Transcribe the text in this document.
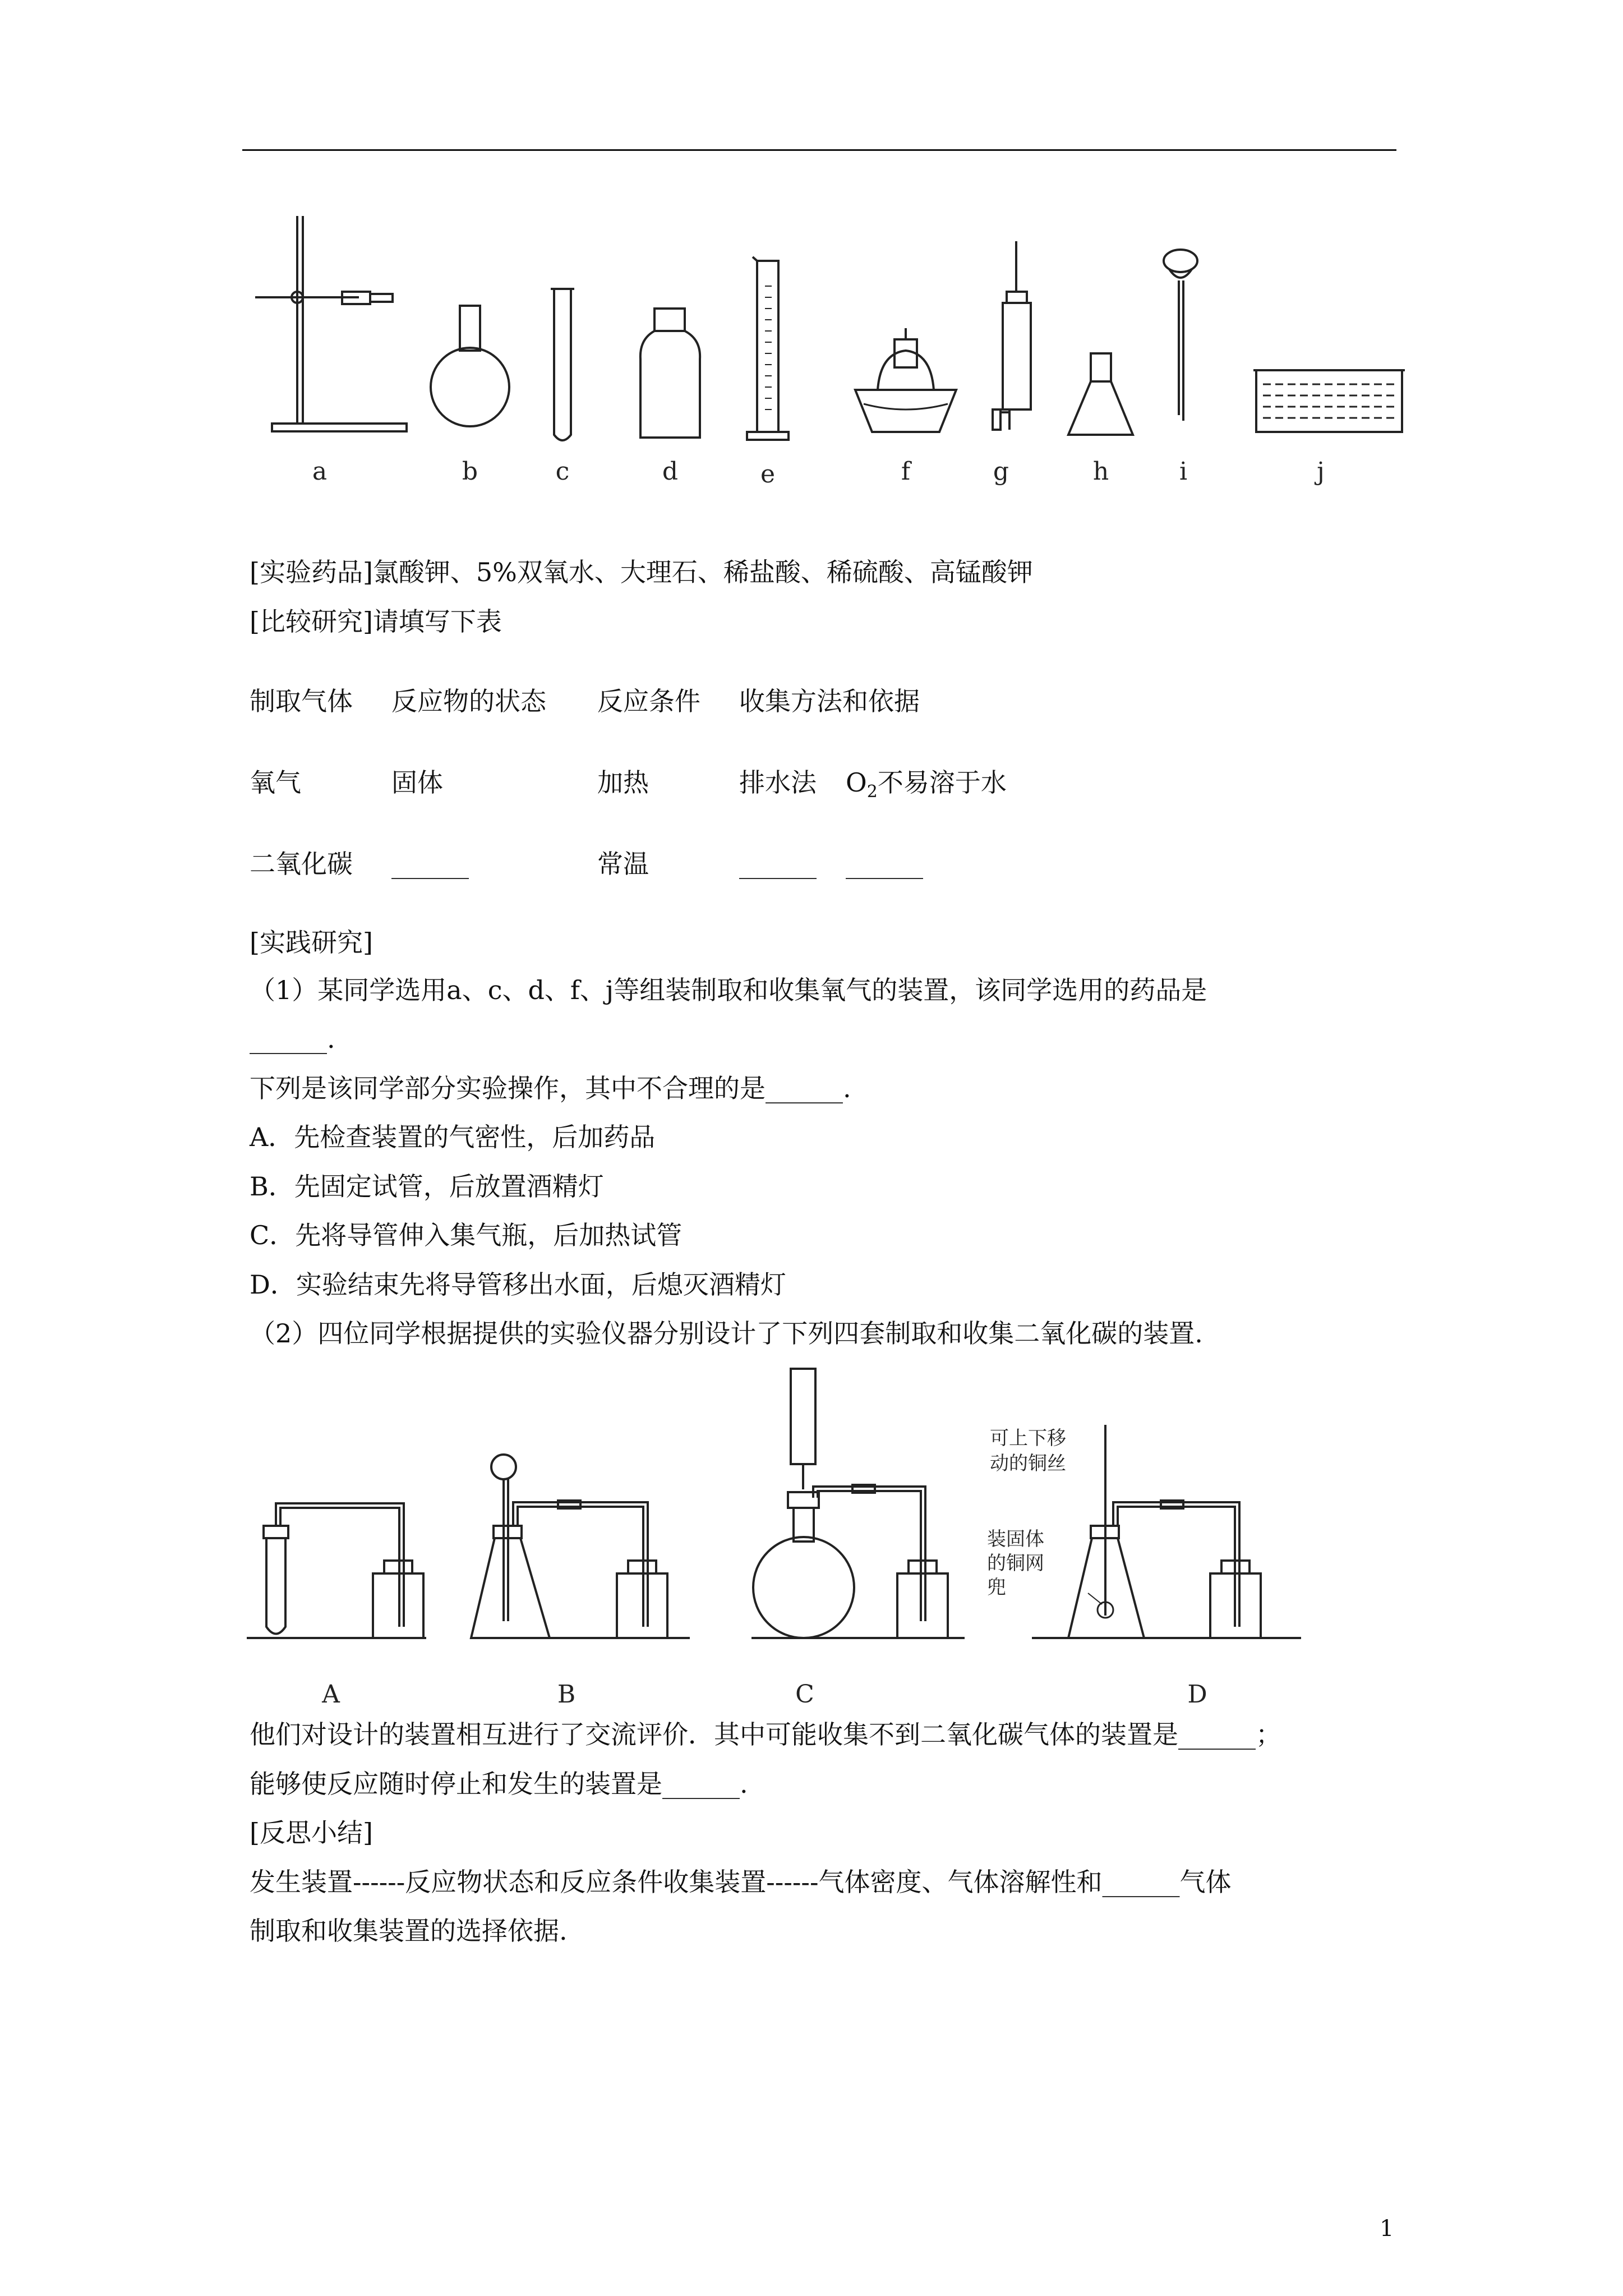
a	b	c	d	e	f	g	h	i	j
[实验药品]氯酸钾、5%双氧水、大理石、稀盐酸、稀硫酸、高锰酸钾
[比较研究]请填写下表
制取气体 反应物的状态 反应条件 收集方法和依据
氧气	固体	加热	排水法 $O_2$不易溶于水
二氧化碳 ______	常温	______ ______
[实践研究]
（1）某同学选用a、c、d、f、j等组装制取和收集氧气的装置，该同学选用的药品是
______.
下列是该同学部分实验操作，其中不合理的是______.
A．先检查装置的气密性，后加药品
B．先固定试管，后放置酒精灯
C．先将导管伸入集气瓶，后加热试管
D．实验结束先将导管移出水面，后熄灭酒精灯
（2）四位同学根据提供的实验仪器分别设计了下列四套制取和收集二氧化碳的装置.
可上下移
动的铜丝
装固体
的铜网
兜
A	B	C	D
他们对设计的装置相互进行了交流评价．其中可能收集不到二氧化碳气体的装置是______；
能够使反应随时停止和发生的装置是______.
[反思小结]
发生装置------反应物状态和反应条件收集装置------气体密度、气体溶解性和______气体
制取和收集装置的选择依据.
1
